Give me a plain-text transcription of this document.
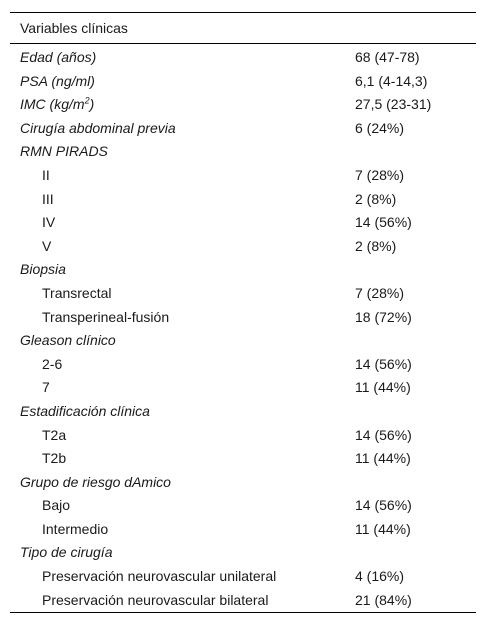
Variables clínicas
Edad (años)	68 (47-78)
PSA (ng/ml)	6,1 (4-14,3)
IMC $(kg/m^2)$	27,5 (23-31)
Cirugía abdominal previa	6 (24%)
RMN PIRADS
II	7 (28%)
III	2 (8%)
IV	14 (56%)
V	2 (8%)
Biopsia
Transrectal	7 (28%)
Transperineal-fusión	18 (72%)
Gleason clínico
2-6	14 (56%)
7	11 (44%)
Estadificación clínica
T2a	14 (56%)
T2b	11 (44%)
Grupo de riesgo dAmico
Bajo	14 (56%)
Intermedio	11 (44%)
Tipo de cirugía
Preservación neurovascular unilateral	4 (16%)
Preservación neurovascular bilateral	21 (84%)
